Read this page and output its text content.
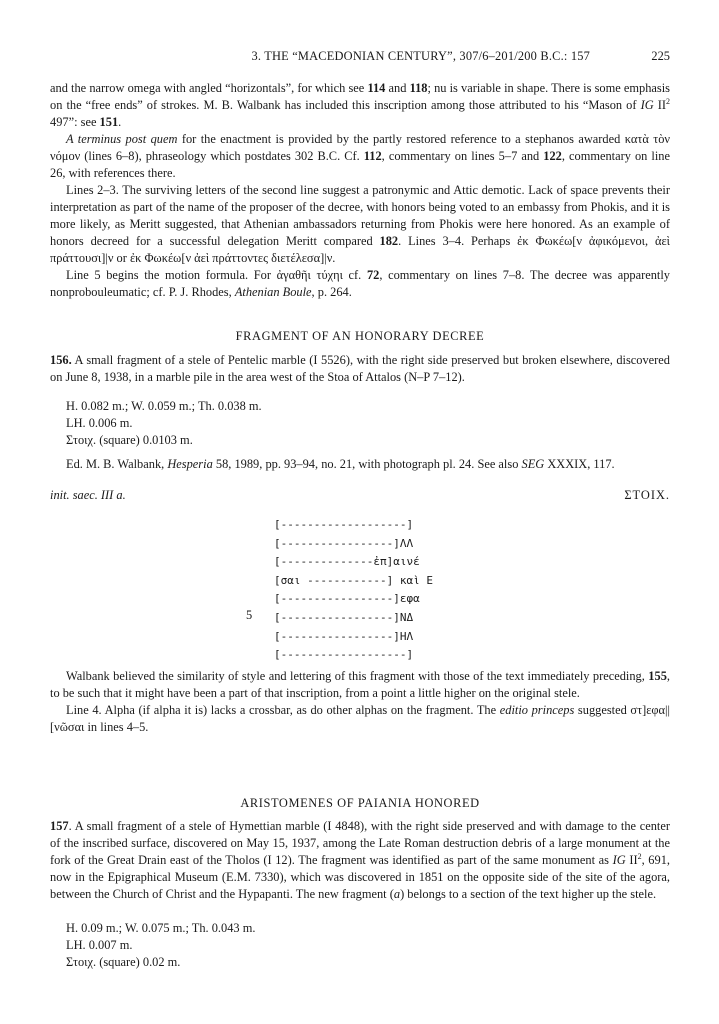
3. THE “MACEDONIAN CENTURY”, 307/6–201/200 B.C.: 157	225

and the narrow omega with angled “horizontals”, for which see 114 and 118; nu is variable in shape. There is some emphasis on the “free ends” of strokes. M. B. Walbank has included this inscription among those attributed to his “Mason of IG $II^2$ 497”: see 151.

A terminus post quem for the enactment is provided by the partly restored reference to a stephanos awarded κατὰ τὸν νόμον (lines 6–8), phraseology which postdates 302 B.C. Cf. 112, commentary on lines 5–7 and 122, commentary on line 26, with references there.

Lines 2–3. The surviving letters of the second line suggest a patronymic and Attic demotic. Lack of space prevents their interpretation as part of the name of the proposer of the decree, with honors being voted to an embassy from Phokis, and it is more likely, as Meritt suggested, that Athenian ambassadors returning from Phokis were here honored. As an example of honors decreed for a successful delegation Meritt compared 182. Lines 3–4. Perhaps ἐκ Φωκέω[ν ἀφικόμενοι, ἀεὶ πράττουσι]|ν or ἐκ Φωκέω[ν ἀεὶ πράττοντες διετέλεσα]|ν.

Line 5 begins the motion formula. For ἀγαθῆι τύχηι cf. 72, commentary on lines 7–8. The decree was apparently nonprobouleumatic; cf. P. J. Rhodes, Athenian Boule, p. 264.

FRAGMENT OF AN HONORARY DECREE

156. A small fragment of a stele of Pentelic marble (I 5526), with the right side preserved but broken elsewhere, discovered on June 8, 1938, in a marble pile in the area west of the Stoa of Attalos (N–P 7–12).

H. 0.082 m.; W. 0.059 m.; Th. 0.038 m.
LH. 0.006 m.
Στοιχ. (square) 0.0103 m.

Ed. M. B. Walbank, Hesperia 58, 1989, pp. 93–94, no. 21, with photograph pl. 24. See also SEG XXXIX, 117.

init. saec. III a.	ΣΤΟΙΧ.
[-------------------]
[-----------------]ΛΛ
[--------------ἐπ]αινέ
[σαι ------------] καὶ Ε
[-----------------]εφα
[-----------------]ΝΔ
[-----------------]ΗΛ
[-------------------]
5

Walbank believed the similarity of style and lettering of this fragment with those of the text immediately preceding, 155, to be such that it might have been a part of that inscription, from a point a little higher on the original stele.

Line 4. Alpha (if alpha it is) lacks a crossbar, as do other alphas on the fragment. The editio princeps suggested στ]εφα||[νῶσαι in lines 4–5.

ARISTOMENES OF PAIANIA HONORED

157. A small fragment of a stele of Hymettian marble (I 4848), with the right side preserved and with damage to the center of the inscribed surface, discovered on May 15, 1937, among the Late Roman destruction debris of a large monument at the fork of the Great Drain east of the Tholos (I 12). The fragment was identified as part of the same monument as IG $II^2$, 691, now in the Epigraphical Museum (E.M. 7330), which was discovered in 1851 on the opposite side of the site of the agora, between the Church of Christ and the Hypapanti. The new fragment (a) belongs to a section of the text higher up the stele.

H. 0.09 m.; W. 0.075 m.; Th. 0.043 m.
LH. 0.007 m.
Στοιχ. (square) 0.02 m.
